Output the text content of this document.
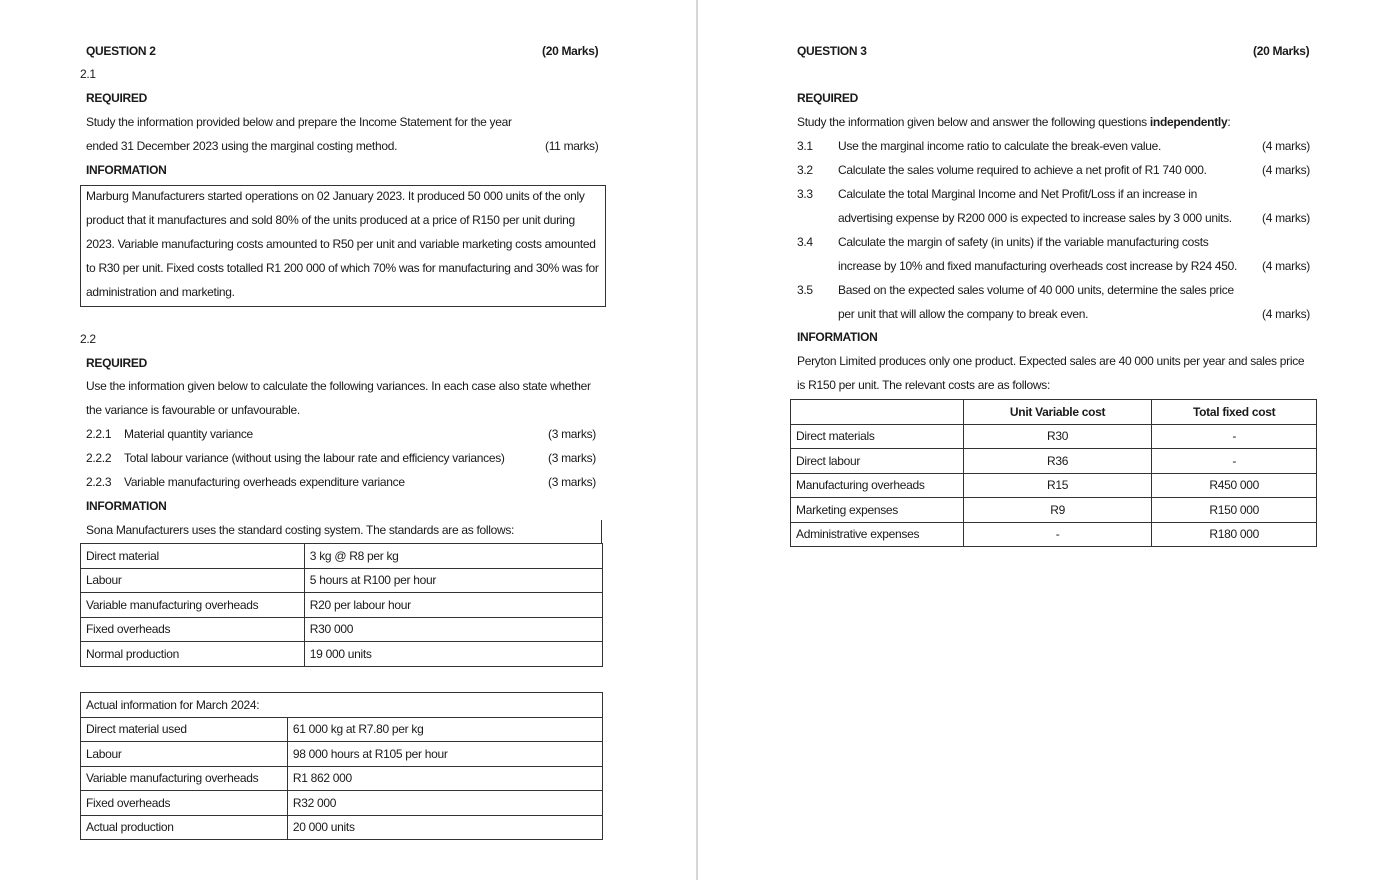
QUESTION 2	(20 Marks)
2.1
REQUIRED
Study the information provided below and prepare the Income Statement for the year
ended 31 December 2023 using the marginal costing method.	(11 marks)
INFORMATION
Marburg Manufacturers started operations on 02 January 2023. It produced 50 000 units of the only
product that it manufactures and sold 80% of the units produced at a price of R150 per unit during
2023. Variable manufacturing costs amounted to R50 per unit and variable marketing costs amounted
to R30 per unit. Fixed costs totalled R1 200 000 of which 70% was for manufacturing and 30% was for
administration and marketing.
2.2
REQUIRED
Use the information given below to calculate the following variances. In each case also state whether
the variance is favourable or unfavourable.
2.2.1 Material quantity variance	(3 marks)
2.2.2 Total labour variance (without using the labour rate and efficiency variances)	(3 marks)
2.2.3 Variable manufacturing overheads expenditure variance	(3 marks)
INFORMATION
Sona Manufacturers uses the standard costing system. The standards are as follows:
Direct material	3 kg @ R8 per kg
Labour	5 hours at R100 per hour
Variable manufacturing overheads	R20 per labour hour
Fixed overheads	R30 000
Normal production	19 000 units
Actual information for March 2024:	
Direct material used	61 000 kg at R7.80 per kg
Labour	98 000 hours at R105 per hour
Variable manufacturing overheads	R1 862 000
Fixed overheads	R32 000
Actual production	20 000 units
QUESTION 3	(20 Marks)
REQUIRED
Study the information given below and answer the following questions independently:
3.1 Use the marginal income ratio to calculate the break-even value.	(4 marks)
3.2 Calculate the sales volume required to achieve a net profit of R1 740 000.	(4 marks)
3.3 Calculate the total Marginal Income and Net Profit/Loss if an increase in
advertising expense by R200 000 is expected to increase sales by 3 000 units.	(4 marks)
3.4 Calculate the margin of safety (in units) if the variable manufacturing costs
increase by 10% and fixed manufacturing overheads cost increase by R24 450. (4 marks)
3.5 Based on the expected sales volume of 40 000 units, determine the sales price
per unit that will allow the company to break even.	(4 marks)
INFORMATION
Peryton Limited produces only one product. Expected sales are 40 000 units per year and sales price
is R150 per unit. The relevant costs are as follows:
	Unit Variable cost	Total fixed cost
Direct materials	R30	-
Direct labour	R36	-
Manufacturing overheads	R15	R450 000
Marketing expenses	R9	R150 000
Administrative expenses	-	R180 000
